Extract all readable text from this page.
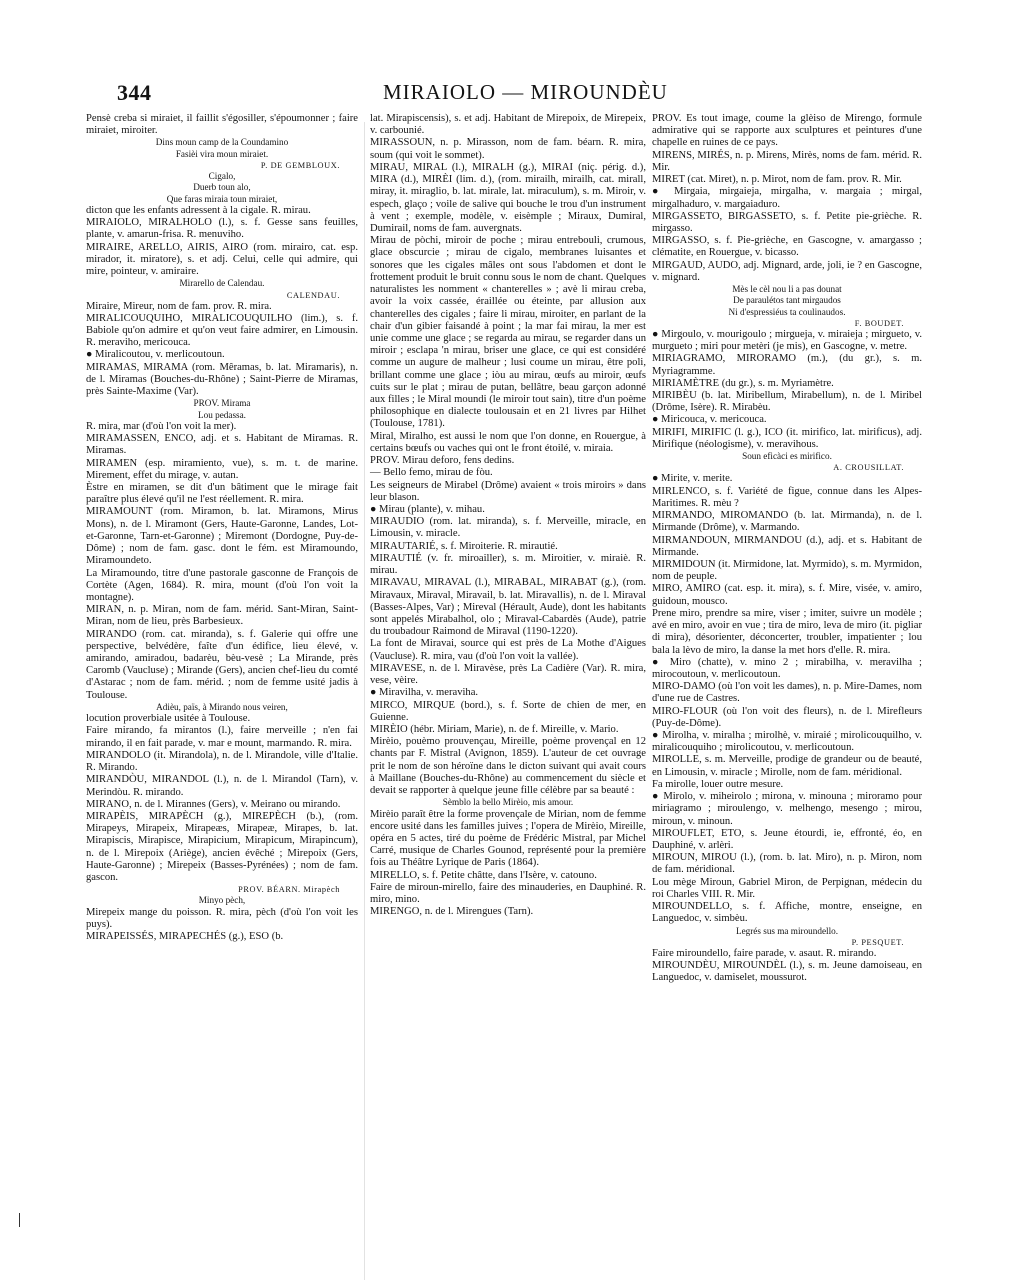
344	MIRAIOLO — MIROUNDÈU

Pensè creba si miraiet, il faillit s'égosiller, s'époumonner ; faire miraiet, miroiter.

Dins moun camp de la Coundamino

Fasièi vira moun miraiet.

P. DE GEMBLOUX.

Cigalo,

Duerb toun alo,

Que faras miraia toun miraiet,

dicton que les enfants adressent à la cigale. R. mirau.

MIRAIOLO, MIRALHOLO (l.), s. f. Gesse sans feuilles, plante, v. amarun-frisa. R. menuviho.

MIRAIRE, ARELLO, AIRIS, AIRO (rom. mirairo, cat. esp. mirador, it. miratore), s. et adj. Celui, celle qui admire, qui mire, pointeur, v. amiraire.

Mirarello de Calendau.

CALENDAU.

Miraire, Mireur, nom de fam. prov. R. mira.

MIRALICOUQUIHO, MIRALICOUQUILHO (lim.), s. f. Babiole qu'on admire et qu'on veut faire admirer, en Limousin. R. meraviho, mericouca.

● Miralicoutou, v. merlicoutoun.

MIRAMAS, MIRAMA (rom. Mêramas, b. lat. Miramaris), n. de l. Miramas (Bouches-du-Rhône) ; Saint-Pierre de Miramas, près Sainte-Maxime (Var).

PROV. Mirama

Lou pedassa.

R. mira, mar (d'où l'on voit la mer).

MIRAMASSEN, ENCO, adj. et s. Habitant de Miramas. R. Miramas.

MIRAMEN (esp. miramiento, vue), s. m. t. de marine. Mirement, effet du mirage, v. autan.

Èstre en miramen, se dit d'un bâtiment que le mirage fait paraître plus élevé qu'il ne l'est réellement. R. mira.

MIRAMOUNT (rom. Miramon, b. lat. Miramons, Mirus Mons), n. de l. Miramont (Gers, Haute-Garonne, Landes, Lot-et-Garonne, Tarn-et-Garonne) ; Miremont (Dordogne, Puy-de-Dôme) ; nom de fam. gasc. dont le fém. est Miramoundo, Miramoundeto.

La Miramoundo, titre d'une pastorale gasconne de François de Cortète (Agen, 1684). R. mira, mount (d'où l'on voit la montagne).

MIRAN, n. p. Miran, nom de fam. mérid. Sant-Miran, Saint-Miran, nom de lieu, près Barbesieux.

MIRANDO (rom. cat. miranda), s. f. Galerie qui offre une perspective, belvédère, faîte d'un édifice, lieu élevé, v. amirando, amiradou, badarèu, bèu-vesè ; La Mirande, près Caromb (Vaucluse) ; Mirande (Gers), ancien chef-lieu du comté d'Astarac ; nom de fam. mérid. ; nom de femme usité jadis à Toulouse.

Adièu, païs, à Mirando nous veiren,

locution proverbiale usitée à Toulouse.

Faire mirando, fa mirantos (l.), faire merveille ; n'en fai mirando, il en fait parade, v. mar e mount, marmando. R. mira.

MIRANDOLO (it. Mirandola), n. de l. Mirandole, ville d'Italie. R. Mirando.

MIRANDÒU, MIRANDOL (l.), n. de l. Mirandol (Tarn), v. Merindòu. R. mirando.

MIRANO, n. de l. Mirannes (Gers), v. Meirano ou mirando.

MIRAPÈIS, MIRAPÈCH (g.), MIREPÈCH (b.), (rom. Mirapeys, Mirapeix, Mirapeæs, Mirapeæ, Mirapes, b. lat. Mirapiscis, Mirapisce, Mirapicium, Mirapicum, Mirapincum), n. de l. Mirepoix (Ariège), ancien évêché ; Mirepoix (Gers, Haute-Garonne) ; Mirepeix (Basses-Pyrénées) ; nom de fam. gascon.

PROV. BÉARN. Mirapèch

Minyo pèch,

Mirepeix mange du poisson. R. mira, pèch (d'où l'on voit les puys).

MIRAPEISSÉS, MIRAPECHÉS (g.), ESO (b.

lat. Mirapiscensis), s. et adj. Habitant de Mirepoix, de Mirepeix, v. carbounié.

MIRASSOUN, n. p. Mirasson, nom de fam. béarn. R. mira, soum (qui voit le sommet).

MIRAU, MIRAL (l.), MIRALH (g.), MIRAI (niç. périg. d.), MIRA (d.), MIRÈI (lim. d.), (rom. mirailh, mirailh, cat. mirall, miray, it. miraglio, b. lat. mirale, lat. miraculum), s. m. Miroir, v. espech, glaço ; voile de salive qui bouche le trou d'un instrument à vent ; exemple, modèle, v. eisèmple ; Miraux, Dumiral, Dumirail, noms de fam. auvergnats.

Mirau de pòchi, miroir de poche ; mirau entrebouli, crumous, glace obscurcie ; mirau de cigalo, membranes luisantes et sonores que les cigales mâles ont sous l'abdomen et dont le frottement produit le bruit connu sous le nom de chant. Quelques naturalistes les nomment « chanterelles » ; avè li mirau creba, avoir la voix cassée, éraillée ou éteinte, par allusion aux chanterelles des cigales ; faire li mirau, miroiter, en parlant de la chair d'un gibier faisandé à point ; la mar fai mirau, la mer est unie comme une glace ; se regarda au mirau, se regarder dans un miroir ; esclapa 'n mirau, briser une glace, ce qui est considéré comme un augure de malheur ; lusi coume un mirau, être poli, brillant comme une glace ; iòu au mirau, œufs au miroir, œufs cuits sur le plat ; mirau de putan, bellâtre, beau garçon adonné aux filles ; le Miral moundi (le miroir tout sain), titre d'un poème philosophique en dialecte toulousain et en 21 livres par Hilhet (Toulouse, 1781).

Miral, Miralho, est aussi le nom que l'on donne, en Rouergue, à certains bœufs ou vaches qui ont le front étoilé, v. miraia.

PROV. Mirau deforo, fens dedins.

— Bello femo, mirau de fòu.

Les seigneurs de Mirabel (Drôme) avaient « trois miroirs » dans leur blason.

● Mirau (plante), v. mihau.

MIRAUDIO (rom. lat. miranda), s. f. Merveille, miracle, en Limousin, v. miracle.

MIRAUTARIÉ, s. f. Miroiterie. R. mirautié.

MIRAUTIÉ (v. fr. miroailler), s. m. Miroitier, v. miraiè. R. mirau.

MIRAVAU, MIRAVAL (l.), MIRABAL, MIRABAT (g.), (rom. Miravaux, Miraval, Miravail, b. lat. Miravallis), n. de l. Miraval (Basses-Alpes, Var) ; Mireval (Hérault, Aude), dont les habitants sont appelés Mirabalhol, olo ; Miraval-Cabardès (Aude), patrie du troubadour Raimond de Miraval (1190-1220).

La font de Miravai, source qui est près de La Mothe d'Aigues (Vaucluse). R. mira, vau (d'où l'on voit la vallée).

MIRAVESE, n. de l. Miravèse, près La Cadière (Var). R. mira, vese, vèire.

● Miravilha, v. meraviha.

MIRCO, MIRQUE (bord.), s. f. Sorte de chien de mer, en Guienne.

MIRÈIO (hébr. Miriam, Marie), n. de f. Mireille, v. Mario.

Mirèio, pouèmo prouvençau, Mireille, poème provençal en 12 chants par F. Mistral (Avignon, 1859). L'auteur de cet ouvrage prit le nom de son héroïne dans le dicton suivant qui avait cours à Maillane (Bouches-du-Rhône) au commencement du siècle et devait se rapporter à quelque jeune fille célèbre par sa beauté :

Sèmblo la bello Mirèio, mis amour.

Mirèio paraît être la forme provençale de Mirian, nom de femme encore usité dans les familles juives ; l'opera de Mirèio, Mireille, opéra en 5 actes, tiré du poème de Frédéric Mistral, par Michel Carré, musique de Charles Gounod, représenté pour la première fois au Théâtre Lyrique de Paris (1864).

MIRELLO, s. f. Petite châtte, dans l'Isère, v. catouno.

Faire de miroun-mirello, faire des minauderies, en Dauphiné. R. miro, mino.

MIRENGO, n. de l. Mirengues (Tarn).

PROV. Es tout image, coume la glèiso de Mirengo, formule admirative qui se rapporte aux sculptures et peintures d'une chapelle en ruines de ce pays.

MIRENS, MIRÉS, n. p. Mirens, Mirès, noms de fam. mérid. R. Mir.

MIRET (cat. Miret), n. p. Mirot, nom de fam. prov. R. Mir.

● Mirgaia, mirgaieja, mirgalha, v. margaia ; mirgal, mirgalhaduro, v. margaiaduro.

MIRGASSETO, BIRGASSETO, s. f. Petite pie-grièche. R. mirgasso.

MIRGASSO, s. f. Pie-grièche, en Gascogne, v. amargasso ; clématite, en Rouergue, v. bicasso.

MIRGAUD, AUDO, adj. Mignard, arde, joli, ie ? en Gascogne, v. mignard.

Mès le cèl nou li a pas dounat

De paraulétos tant mirgaudos

Ni d'espressiéus ta coulinaudos.

F. BOUDET.

● Mirgoulo, v. mourigoulo ; mirgueja, v. miraieja ; mirgueto, v. murgueto ; miri pour metèri (je mis), en Gascogne, v. metre.

MIRIAGRAMO, MIRORAMO (m.), (du gr.), s. m. Myriagramme.

MIRIAMÈTRE (du gr.), s. m. Myriamètre.

MIRIBÈU (b. lat. Miribellum, Mirabellum), n. de l. Miribel (Drôme, Isère). R. Mirabèu.

● Miricouca, v. mericouca.

MIRIFI, MIRIFIC (l. g.), ICO (it. mirifico, lat. mirificus), adj. Mirifique (néologisme), v. meravihous.

Soun eficàci es mirifico.

A. CROUSILLAT.

● Mirite, v. merite.

MIRLENCO, s. f. Variété de figue, connue dans les Alpes-Maritimes. R. mèu ?

MIRMANDO, MIROMANDO (b. lat. Mirmanda), n. de l. Mirmande (Drôme), v. Marmando.

MIRMANDOUN, MIRMANDOU (d.), adj. et s. Habitant de Mirmande.

MIRMIDOUN (it. Mirmidone, lat. Myrmido), s. m. Myrmidon, nom de peuple.

MIRO, AMIRO (cat. esp. it. mira), s. f. Mire, visée, v. amiro, guidoun, mousco.

Prene miro, prendre sa mire, viser ; imiter, suivre un modèle ; avé en miro, avoir en vue ; tira de miro, leva de miro (it. pigliar di mira), désorienter, déconcerter, troubler, impatienter ; lou bala la lèvo de miro, la danse la met hors d'elle. R. mira.

● Miro (chatte), v. mino 2 ; mirabilha, v. meravilha ; mirocoutoun, v. merlicoutoun.

MIRO-DAMO (où l'on voit les dames), n. p. Mire-Dames, nom d'une rue de Castres.

MIRO-FLOUR (où l'on voit des fleurs), n. de l. Mirefleurs (Puy-de-Dôme).

● Mirolha, v. miralha ; mirolhè, v. miraié ; mirolicouquilho, v. miralicouquiho ; mirolicoutou, v. merlicoutoun.

MIROLLE, s. m. Merveille, prodige de grandeur ou de beauté, en Limousin, v. miracle ; Mirolle, nom de fam. méridional.

Fa mirolle, louer outre mesure.

● Mirolo, v. miheirolo ; mirona, v. minouna ; miroramo pour miriagramo ; miroulengo, v. melhengo, mesengo ; mirou, miroun, v. minoun.

MIROUFLET, ETO, s. Jeune étourdi, ie, effronté, éo, en Dauphiné, v. arlèri.

MIROUN, MIROU (l.), (rom. b. lat. Miro), n. p. Miron, nom de fam. méridional.

Lou mège Miroun, Gabriel Miron, de Perpignan, médecin du roi Charles VIII. R. Mir.

MIROUNDELLO, s. f. Affiche, montre, enseigne, en Languedoc, v. simbèu.

Legrés sus ma miroundello.

P. PESQUET.

Faire miroundello, faire parade, v. asaut. R. mirando.

MIROUNDÈU, MIROUNDÈL (l.), s. m. Jeune damoiseau, en Languedoc, v. damiselet, moussurot.
